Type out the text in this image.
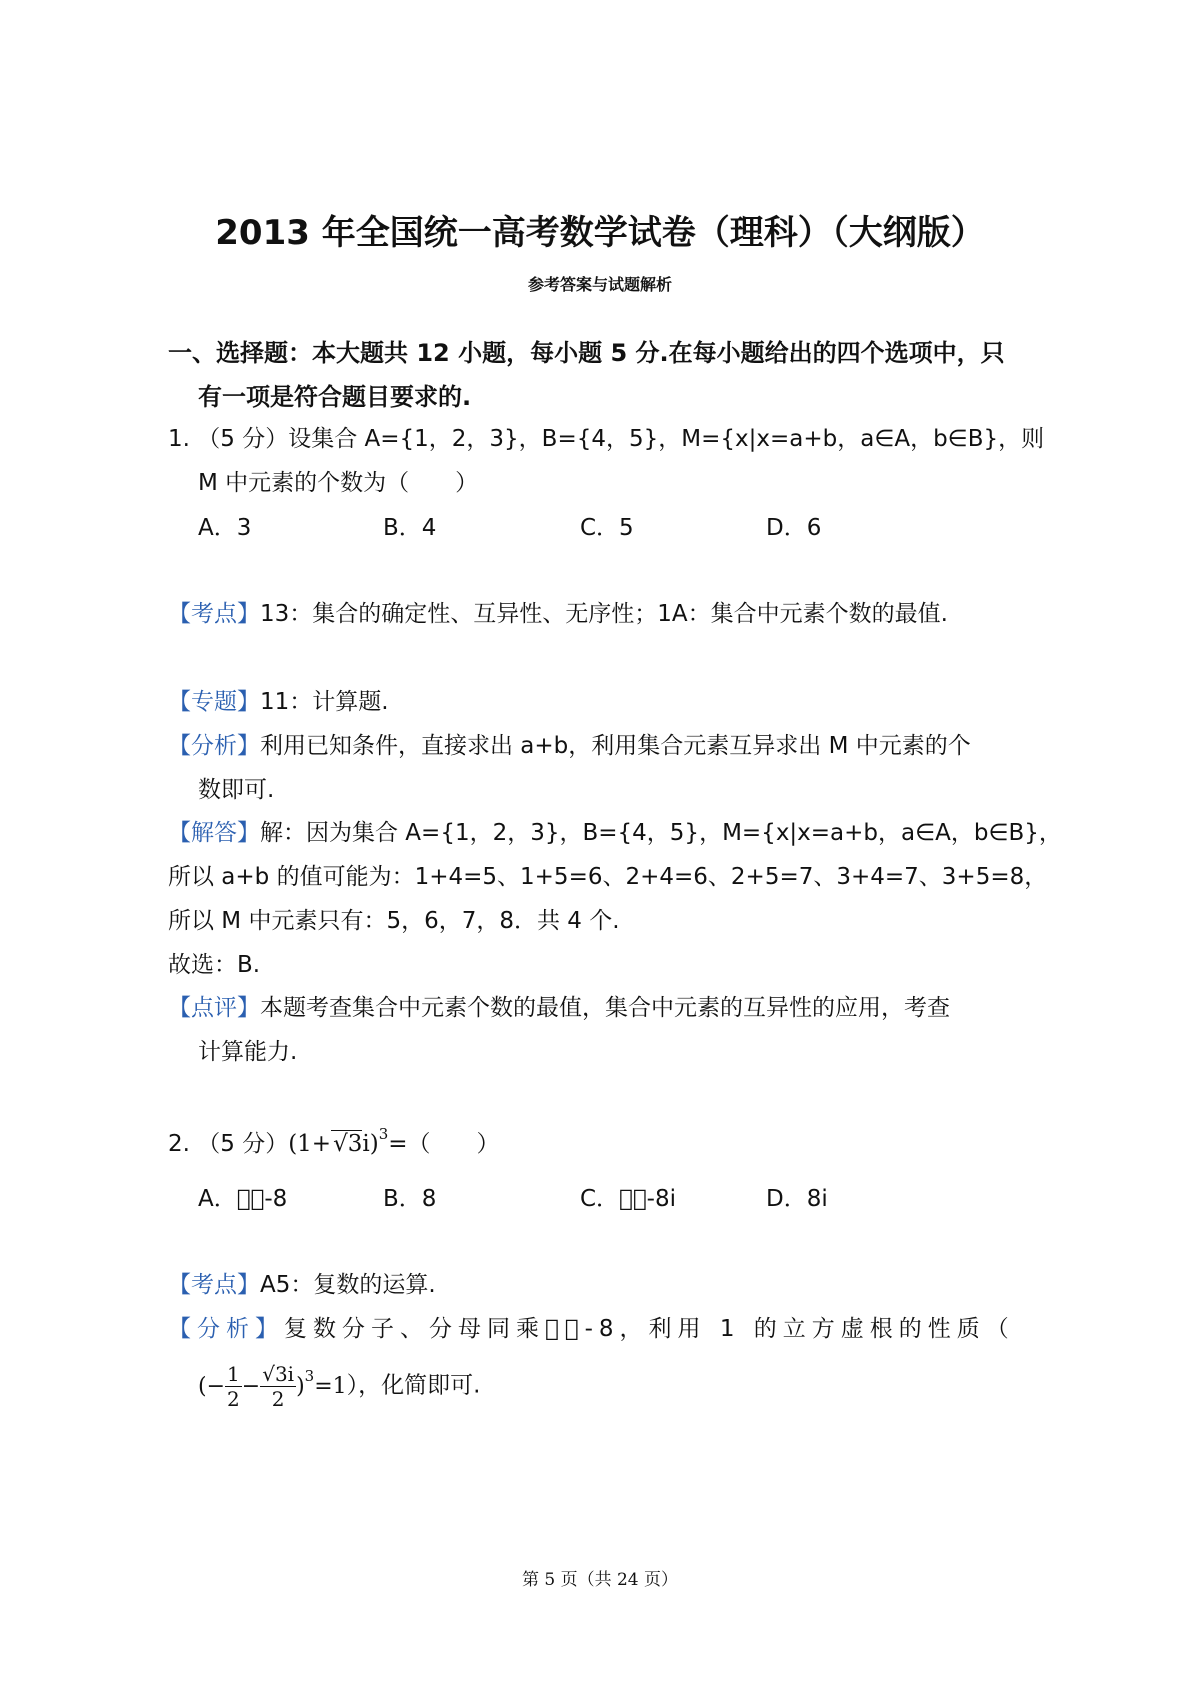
2013 年全国统一高考数学试卷（理科）（大纲版）
参考答案与试题解析
一、选择题：本大题共 12 小题，每小题 5 分.在每小题给出的四个选项中，只
有一项是符合题目要求的.
1. （5 分）设集合 A={1，2，3}，B={4，5}，M={x|x=a+b，a∈A，b∈B}，则
M 中元素的个数为（　　）
A．3	B．4	C．5	D．6
【考点】13：集合的确定性、互异性、无序性；1A：集合中元素个数的最值.
【专题】11：计算题.
【分析】利用已知条件，直接求出 a+b，利用集合元素互异求出 M 中元素的个
数即可.
【解答】解：因为集合 A={1，2，3}，B={4，5}，M={x|x=a+b，a∈A，b∈B}，
所以 a+b 的值可能为：1+4=5、1+5=6、2+4=6、2+5=7、3+4=7、3+5=8，
所以 M 中元素只有：5，6，7，8．共 4 个.
故选：B.
【点评】本题考查集合中元素个数的最值，集合中元素的互异性的应用，考查
计算能力.
2. （5 分）$(1+√3i)^3=$（　　）
A．  -8	B．8	C．  -8i	D．8i
【考点】A5：复数的运算.
【分析】复数分子、分母同乘  -8，利用 1 的立方虚根的性质（
(− $\frac{1}{2} - \frac{√3i}{2} )^3=1$），化简即可.
第 5 页（共 24 页）
